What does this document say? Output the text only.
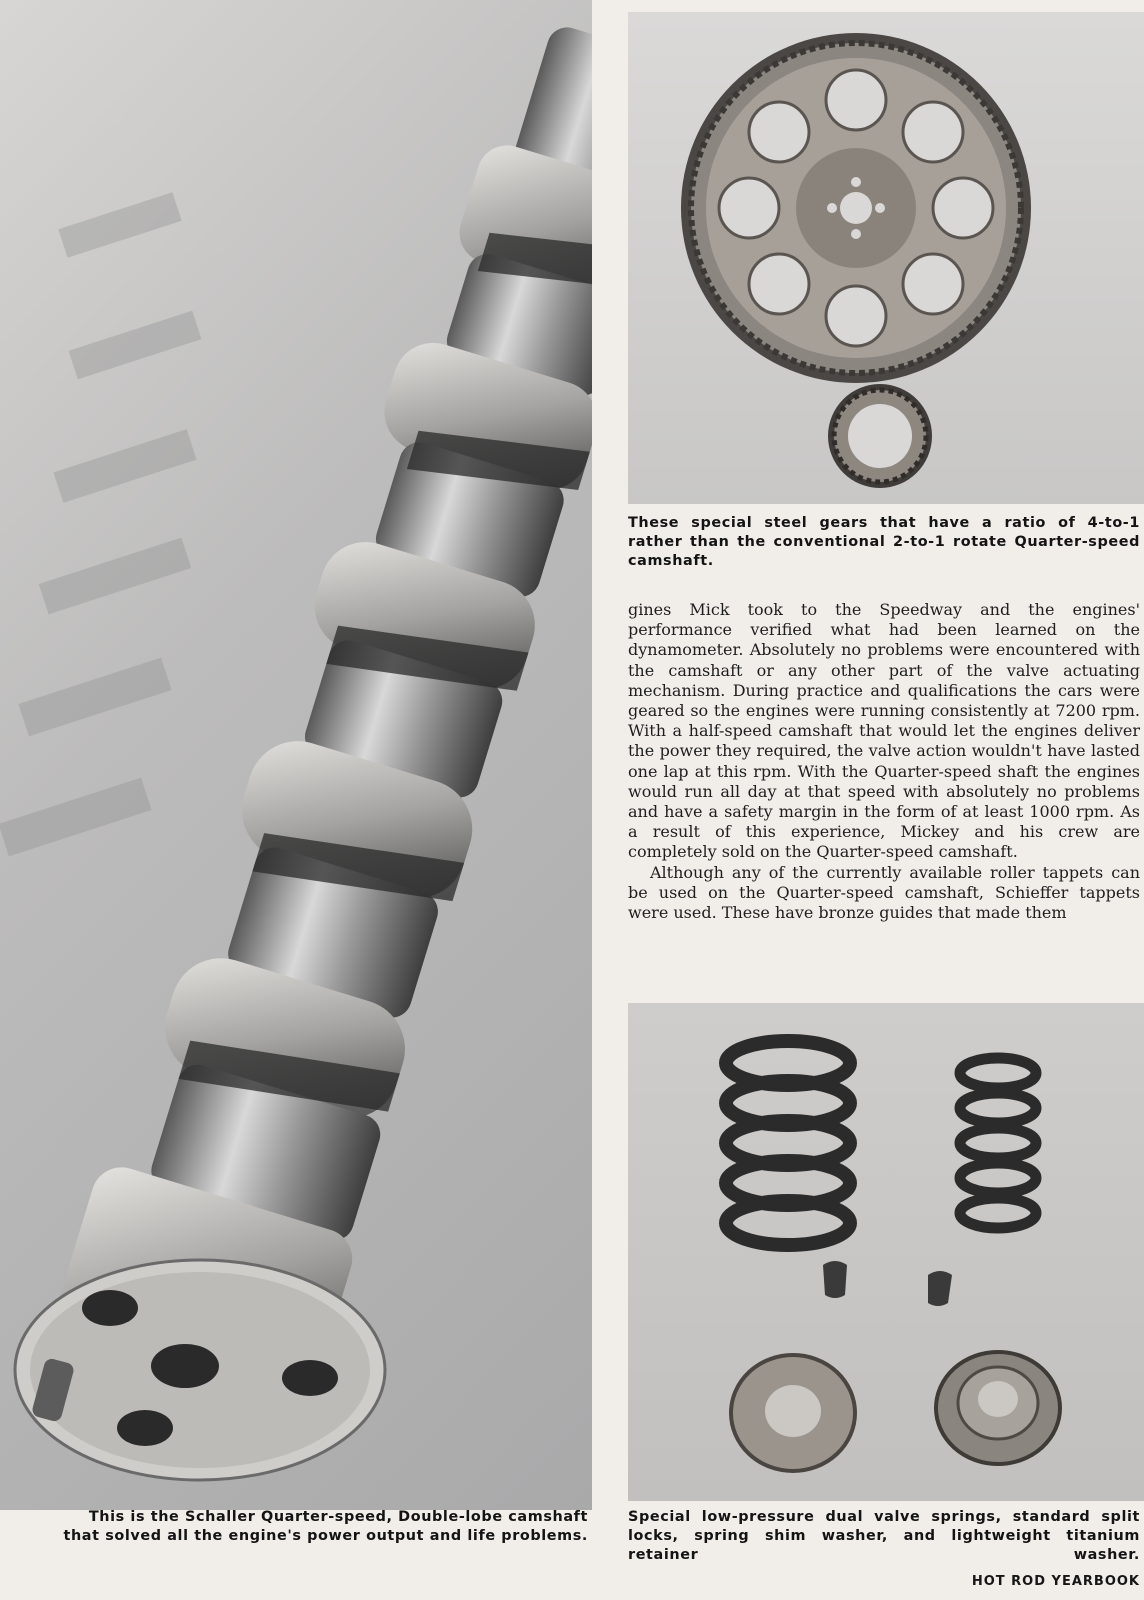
These special steel gears that have a ratio of 4-to-1 rather than the conventional 2-to-1 rotate Quarter-speed camshaft.

gines Mick took to the Speedway and the engines' performance verified what had been learned on the dynamometer. Absolutely no problems were encountered with the camshaft or any other part of the valve actuating mechanism. During practice and qualifications the cars were geared so the engines were running consistently at 7200 rpm. With a half-speed camshaft that would let the engines deliver the power they required, the valve action wouldn't have lasted one lap at this rpm. With the Quarter-speed shaft the engines would run all day at that speed with absolutely no problems and have a safety margin in the form of at least 1000 rpm. As a result of this experience, Mickey and his crew are completely sold on the Quarter-speed camshaft.

Although any of the currently available roller tappets can be used on the Quarter-speed camshaft, Schieffer tappets were used. These have bronze guides that made them

Special low-pressure dual valve springs, standard split locks, spring shim washer, and lightweight titanium retainer washer.
This is the Schaller Quarter-speed, Double-lobe camshaft
that solved all the engine's power output and life problems.
HOT ROD YEARBOOK
